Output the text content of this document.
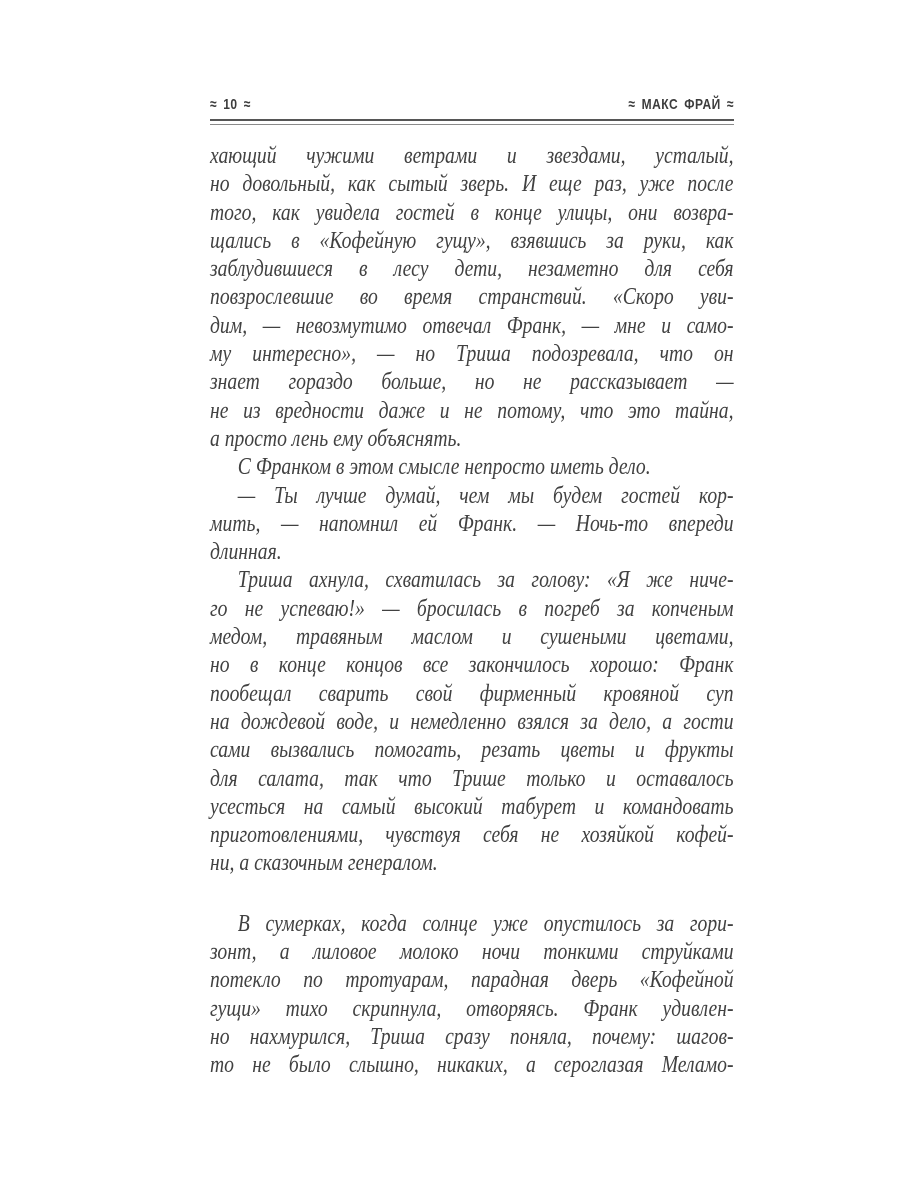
≈ 10 ≈	≈ МАКС ФРАЙ ≈
хающий чужими ветрами и звездами, усталый,
но довольный, как сытый зверь. И еще раз, уже после
того, как увидела гостей в конце улицы, они возвра-
щались в «Кофейную гущу», взявшись за руки, как
заблудившиеся в лесу дети, незаметно для себя
повзрослевшие во время странствий. «Скоро уви-
дим, — невозмутимо отвечал Франк, — мне и само-
му интересно», — но Триша подозревала, что он
знает гораздо больше, но не рассказывает —
не из вредности даже и не потому, что это тайна,
а просто лень ему объяснять.
С Франком в этом смысле непросто иметь дело.
— Ты лучше думай, чем мы будем гостей кор-
мить, — напомнил ей Франк. — Ночь-то впереди
длинная.
Триша ахнула, схватилась за голову: «Я же ниче-
го не успеваю!» — бросилась в погреб за копченым
медом, травяным маслом и сушеными цветами,
но в конце концов все закончилось хорошо: Франк
пообещал сварить свой фирменный кровяной суп
на дождевой воде, и немедленно взялся за дело, а гости
сами вызвались помогать, резать цветы и фрукты
для салата, так что Трише только и оставалось
усесться на самый высокий табурет и командовать
приготовлениями, чувствуя себя не хозяйкой кофей-
ни, а сказочным генералом.
В сумерках, когда солнце уже опустилось за гори-
зонт, а лиловое молоко ночи тонкими струйками
потекло по тротуарам, парадная дверь «Кофейной
гущи» тихо скрипнула, отворяясь. Франк удивлен-
но нахмурился, Триша сразу поняла, почему: шагов-
то не было слышно, никаких, а сероглазая Меламо-
